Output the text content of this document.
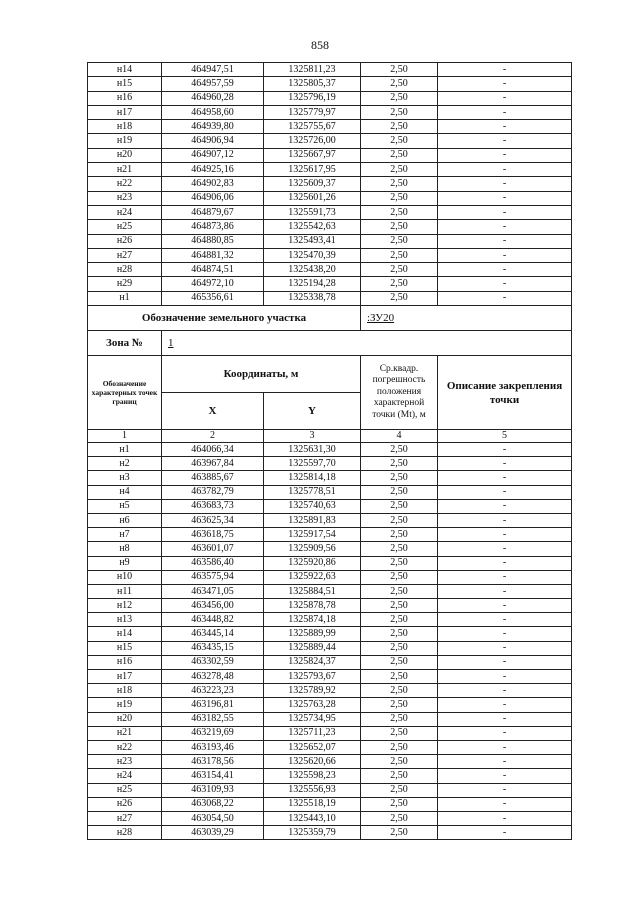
858
н14	464947,51	1325811,23	2,50	-
н15	464957,59	1325805,37	2,50	-
н16	464960,28	1325796,19	2,50	-
н17	464958,60	1325779,97	2,50	-
н18	464939,80	1325755,67	2,50	-
н19	464906,94	1325726,00	2,50	-
н20	464907,12	1325667,97	2,50	-
н21	464925,16	1325617,95	2,50	-
н22	464902,83	1325609,37	2,50	-
н23	464906,06	1325601,26	2,50	-
н24	464879,67	1325591,73	2,50	-
н25	464873,86	1325542,63	2,50	-
н26	464880,85	1325493,41	2,50	-
н27	464881,32	1325470,39	2,50	-
н28	464874,51	1325438,20	2,50	-
н29	464972,10	1325194,28	2,50	-
н1	465356,61	1325338,78	2,50	-
Обозначение земельного участка			:ЗУ20	
Зона №	1			
Обозначение характерных точек границ	Координаты, м		Ср.квадр. погрешность положения характерной точки (Mt), м	Описание закрепления точки
	X	Y		
1	2	3	4	5
н1	464066,34	1325631,30	2,50	-
н2	463967,84	1325597,70	2,50	-
н3	463885,67	1325814,18	2,50	-
н4	463782,79	1325778,51	2,50	-
н5	463683,73	1325740,63	2,50	-
н6	463625,34	1325891,83	2,50	-
н7	463618,75	1325917,54	2,50	-
н8	463601,07	1325909,56	2,50	-
н9	463586,40	1325920,86	2,50	-
н10	463575,94	1325922,63	2,50	-
н11	463471,05	1325884,51	2,50	-
н12	463456,00	1325878,78	2,50	-
н13	463448,82	1325874,18	2,50	-
н14	463445,14	1325889,99	2,50	-
н15	463435,15	1325889,44	2,50	-
н16	463302,59	1325824,37	2,50	-
н17	463278,48	1325793,67	2,50	-
н18	463223,23	1325789,92	2,50	-
н19	463196,81	1325763,28	2,50	-
н20	463182,55	1325734,95	2,50	-
н21	463219,69	1325711,23	2,50	-
н22	463193,46	1325652,07	2,50	-
н23	463178,56	1325620,66	2,50	-
н24	463154,41	1325598,23	2,50	-
н25	463109,93	1325556,93	2,50	-
н26	463068,22	1325518,19	2,50	-
н27	463054,50	1325443,10	2,50	-
н28	463039,29	1325359,79	2,50	-
